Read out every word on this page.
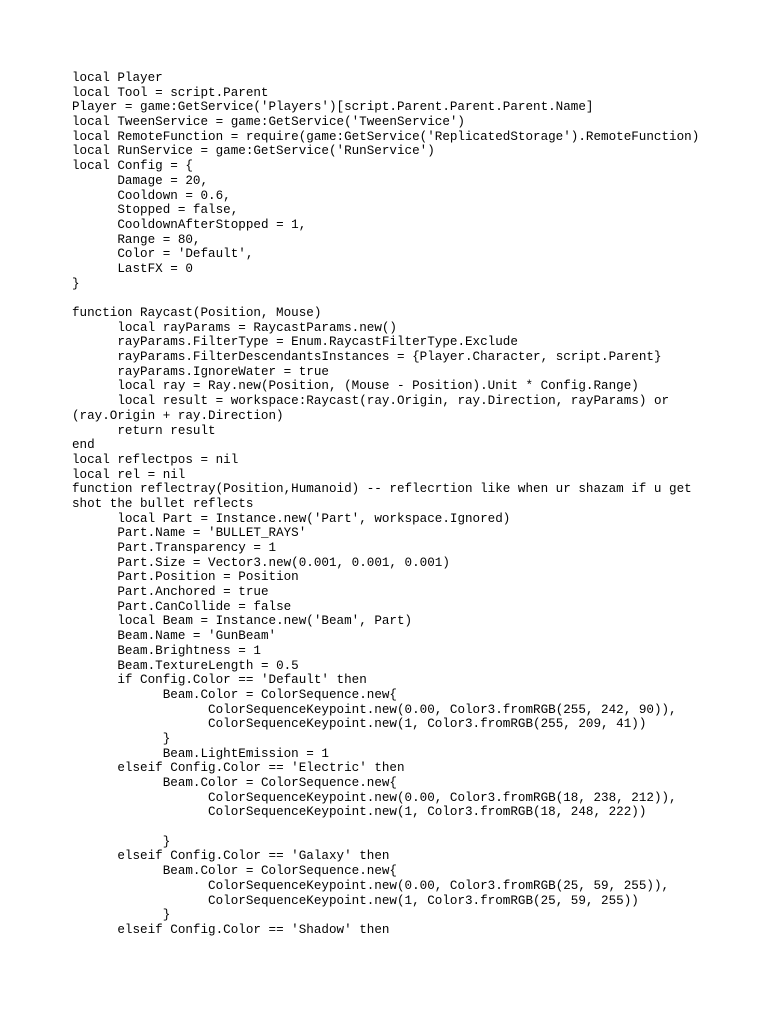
local Player
local Tool = script.Parent
Player = game:GetService('Players')[script.Parent.Parent.Parent.Name]
local TweenService = game:GetService('TweenService')
local RemoteFunction = require(game:GetService('ReplicatedStorage').RemoteFunction)
local RunService = game:GetService('RunService')
local Config = {
	Damage = 20,
	Cooldown = 0.6,
	Stopped = false,
	CooldownAfterStopped = 1,
	Range = 80,
	Color = 'Default',
	LastFX = 0
}
function Raycast(Position, Mouse)
	local rayParams = RaycastParams.new()
	rayParams.FilterType = Enum.RaycastFilterType.Exclude
	rayParams.FilterDescendantsInstances = {Player.Character, script.Parent}
	rayParams.IgnoreWater = true
	local ray = Ray.new(Position, (Mouse - Position).Unit * Config.Range)
	local result = workspace:Raycast(ray.Origin, ray.Direction, rayParams) or
(ray.Origin + ray.Direction)
	return result
end
local reflectpos = nil
local rel = nil
function reflectray(Position,Humanoid) -- reflecrtion like when ur shazam if u get
shot the bullet reflects
	local Part = Instance.new('Part', workspace.Ignored)
	Part.Name = 'BULLET_RAYS'
	Part.Transparency = 1
	Part.Size = Vector3.new(0.001, 0.001, 0.001)
	Part.Position = Position
	Part.Anchored = true
	Part.CanCollide = false
	local Beam = Instance.new('Beam', Part)
	Beam.Name = 'GunBeam'
	Beam.Brightness = 1
	Beam.TextureLength = 0.5
	if Config.Color == 'Default' then
		Beam.Color = ColorSequence.new{
			ColorSequenceKeypoint.new(0.00, Color3.fromRGB(255, 242, 90)),
			ColorSequenceKeypoint.new(1, Color3.fromRGB(255, 209, 41))
		}
		Beam.LightEmission = 1
	elseif Config.Color == 'Electric' then
		Beam.Color = ColorSequence.new{
			ColorSequenceKeypoint.new(0.00, Color3.fromRGB(18, 238, 212)),
			ColorSequenceKeypoint.new(1, Color3.fromRGB(18, 248, 222))
		}
	elseif Config.Color == 'Galaxy' then
		Beam.Color = ColorSequence.new{
			ColorSequenceKeypoint.new(0.00, Color3.fromRGB(25, 59, 255)),
			ColorSequenceKeypoint.new(1, Color3.fromRGB(25, 59, 255))
		}
	elseif Config.Color == 'Shadow' then
